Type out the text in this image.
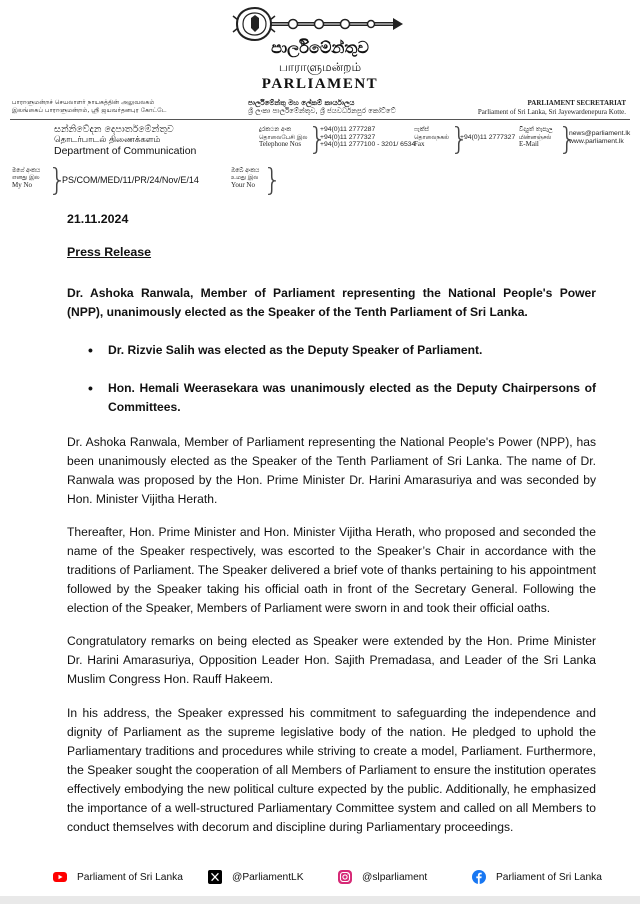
පාර්ලිමේන්තුව
பாராளுமன்றம்
PARLIAMENT
பாராளுமன்றச் செயலாளர் நாயகத்தின் அலுவலகம்
இலங்கைப் பாராளுமன்றம், ஸ்ரீ ஜயவர்தனபுர கோட்டே
පාර්ලිමේන්තු මහ ලේකම් කාර්යාලය
ශ්‍රී ලංකා පාර්ලිමේන්තුව, ශ්‍රී ජයවර්ධනපුර කෝට්ටේ
PARLIAMENT SECRETARIAT
Parliament of Sri Lanka, Sri Jayewardenepura Kotte.
සන්නිවේදන දෙපාර්තමේන්තුව
தொடர்பாடல் திணைக்களம்
Department of Communication
දුරකථන අංක
தொலைபேசி இல
Telephone Nos }
+94(0)11 2777287
+94(0)11 2777327
+94(0)11 2777100 - 3201/ 6534
ෆැක්ස්
தொலைநகல்
Fax }
+94(0)11 2777327
විද්‍යුත් තැපැල
மின்னஞ்சல்
E-Mail }
news@parliament.lk
www.parliament.lk
මගේ අංකය
எனது இல
My No }
PS/COM/MED/11/PR/24/Nov/E/14
ඔබේ අංකය
உமது இல
Your No }
21.11.2024
Press Release
Dr. Ashoka Ranwala, Member of Parliament representing the National People's Power (NPP), unanimously elected as the Speaker of the Tenth Parliament of Sri Lanka.
• Dr. Rizvie Salih was elected as the Deputy Speaker of Parliament.
• Hon. Hemali Weerasekara was unanimously elected as the Deputy Chairpersons of Committees.
Dr. Ashoka Ranwala, Member of Parliament representing the National People's Power (NPP), has been unanimously elected as the Speaker of the Tenth Parliament of Sri Lanka. The name of Dr. Ranwala was proposed by the Hon. Prime Minister Dr. Harini Amarasuriya and was seconded by Hon. Minister Vijitha Herath.
Thereafter, Hon. Prime Minister and Hon. Minister Vijitha Herath, who proposed and seconded the name of the Speaker respectively, was escorted to the Speaker’s Chair in accordance with the traditions of Parliament. The Speaker delivered a brief vote of thanks pertaining to his appointment followed by the Speaker taking his official oath in front of the Secretary General. Following the election of the Speaker, Members of Parliament were sworn in and took their official oaths.
Congratulatory remarks on being elected as Speaker were extended by the Hon. Prime Minister Dr. Harini Amarasuriya, Opposition Leader Hon. Sajith Premadasa, and Leader of the Sri Lanka Muslim Congress Hon. Rauff Hakeem.
In his address, the Speaker expressed his commitment to safeguarding the independence and dignity of Parliament as the supreme legislative body of the nation. He pledged to uphold the Parliamentary traditions and procedures while striving to create a model, Parliament. Furthermore, the Speaker sought the cooperation of all Members of Parliament to ensure the institution operates effectively embodying the new political culture expected by the public. Additionally, he emphasized the importance of a well-structured Parliamentary Committee system and called on all Members to conduct themselves with decorum and discipline during Parliamentary proceedings.
Parliament of Sri Lanka	@ParliamentLK	@slparliament	Parliament of Sri Lanka
